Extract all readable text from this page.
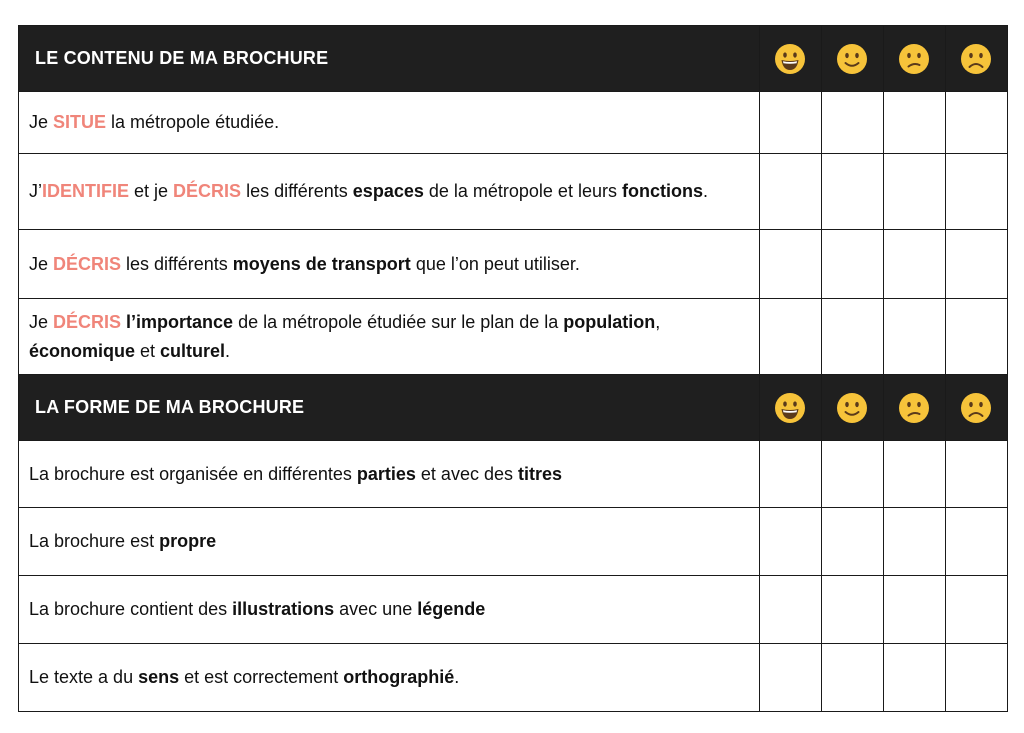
LE CONTENU DE MA BROCHURE				
Je SITUE la métropole étudiée.				
J’IDENTIFIE et je DÉCRIS les différents espaces de la métropole et leurs fonctions.				
Je DÉCRIS les différents moyens de transport que l’on peut utiliser.				
Je DÉCRIS l’importance de la métropole étudiée sur le plan de la population, économique et culturel.				
LA FORME DE MA BROCHURE				
La brochure est organisée en différentes parties et avec des titres				
La brochure est propre				
La brochure contient des illustrations avec une légende				
Le texte a du sens et est correctement orthographié.				
